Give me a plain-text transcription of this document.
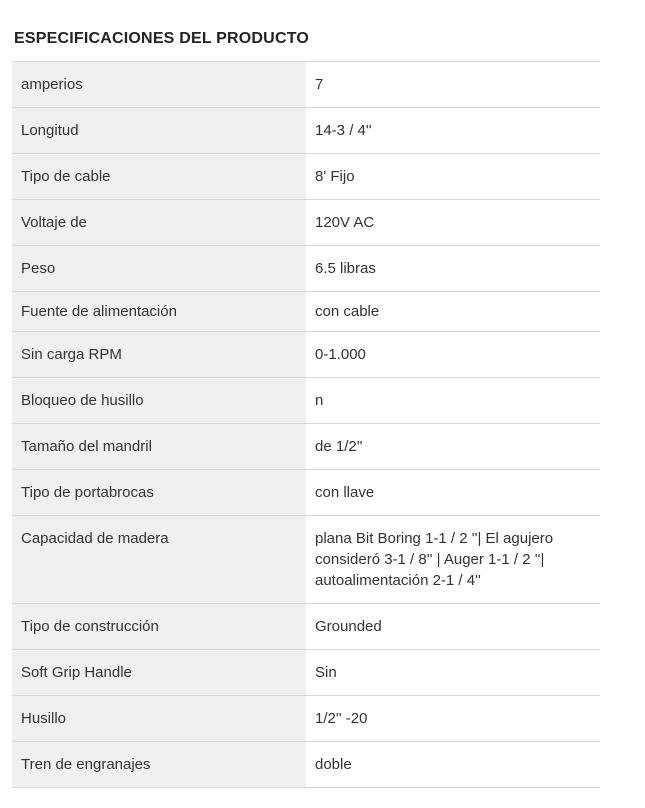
ESPECIFICACIONES DEL PRODUCTO
amperios	7
Longitud	14-3 / 4''
Tipo de cable	8' Fijo
Voltaje de	120V AC
Peso	6.5 libras
Fuente de alimentación	con cable
Sin carga RPM	0-1.000
Bloqueo de husillo	n
Tamaño del mandril	de 1/2''
Tipo de portabrocas	con llave
Capacidad de madera	plana Bit Boring 1-1 / 2 ''| El agujero consideró 3-1 / 8'' | Auger 1-1 / 2 ''| autoalimentación 2-1 / 4''
Tipo de construcción	Grounded
Soft Grip Handle	Sin
Husillo	1/2'' -20
Tren de engranajes	doble
